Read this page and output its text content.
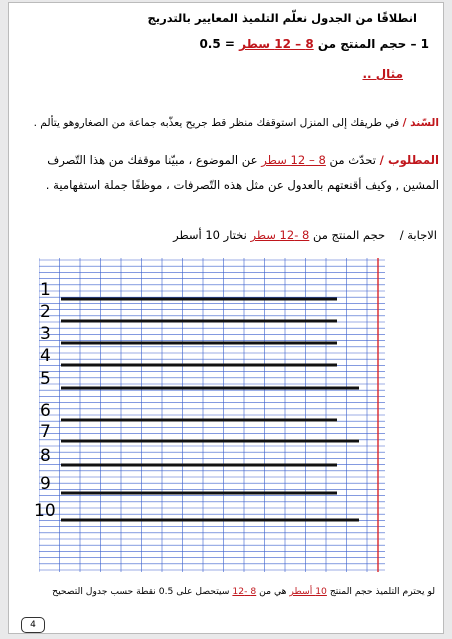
انطلاقًا من الجدول نعلّم التلميذ المعايير بالتدريج
1 – حجم المنتج من 8 – 12 سطر = 0.5
مثال ..
السّند / في طريقك إلى المنزل استوقفك منظر قط جريح يعذّبه جماعة من الصغاروهو يتألم .
المطلوب / تحدّث من 8 – 12 سطر عن الموضوع ، مبيّنا موقفك من هذا التّصرف
المشين , وكيف أقنعتهم بالعدول عن مثل هذه التّصرفات ، موظفًا جملة استفهامية .
الاجابة /    حجم المنتج من 8 -12 سطر نختار 10 أسطر
لو يحترم التلميذ حجم المنتج 10 أسطر هي من 8 -12 سيتحصل على 0.5 نقطة حسب جدول التصحيح
4
1
2
3
4
5
6
7
8
9
10
